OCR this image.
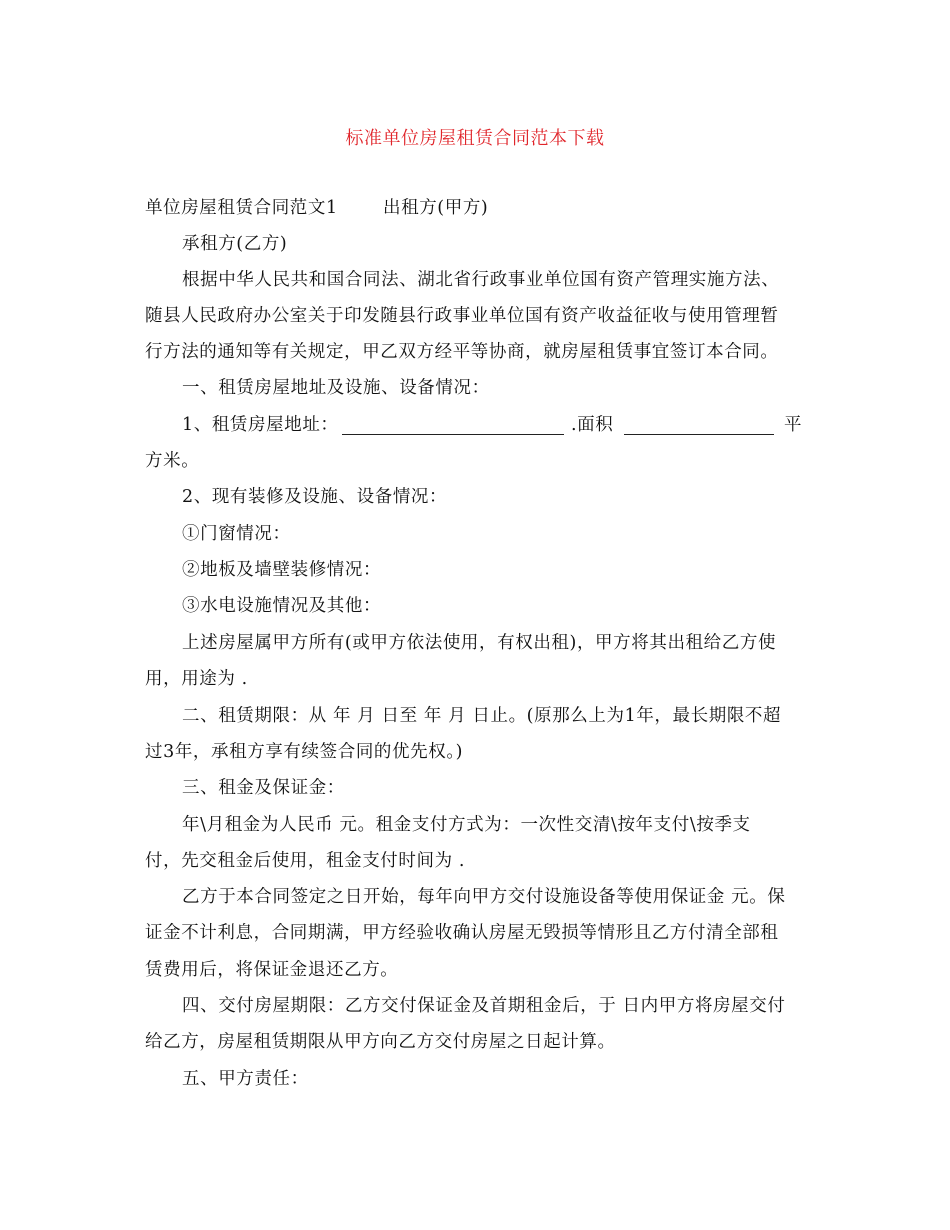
标准单位房屋租赁合同范本下载
单位房屋租赁合同范文1	出租方(甲方)
承租方(乙方)
根据中华人民共和国合同法、湖北省行政事业单位国有资产管理实施方法、
随县人民政府办公室关于印发随县行政事业单位国有资产收益征收与使用管理暂
行方法的通知等有关规定，甲乙双方经平等协商，就房屋租赁事宜签订本合同。
一、租赁房屋地址及设施、设备情况：
1、租赁房屋地址：	.面积	平
方米。
2、现有装修及设施、设备情况：
①门窗情况：
②地板及墙壁装修情况：
③水电设施情况及其他：
上述房屋属甲方所有(或甲方依法使用，有权出租)，甲方将其出租给乙方使
用，用途为 .
二、租赁期限：从 年 月 日至 年 月 日止。(原那么上为1年，最长期限不超
过3年，承租方享有续签合同的优先权。)
三、租金及保证金：
年\月租金为人民币 元。租金支付方式为：一次性交清\按年支付\按季支
付，先交租金后使用，租金支付时间为 .
乙方于本合同签定之日开始，每年向甲方交付设施设备等使用保证金 元。保
证金不计利息，合同期满，甲方经验收确认房屋无毁损等情形且乙方付清全部租
赁费用后，将保证金退还乙方。
四、交付房屋期限：乙方交付保证金及首期租金后，于 日内甲方将房屋交付
给乙方，房屋租赁期限从甲方向乙方交付房屋之日起计算。
五、甲方责任：
